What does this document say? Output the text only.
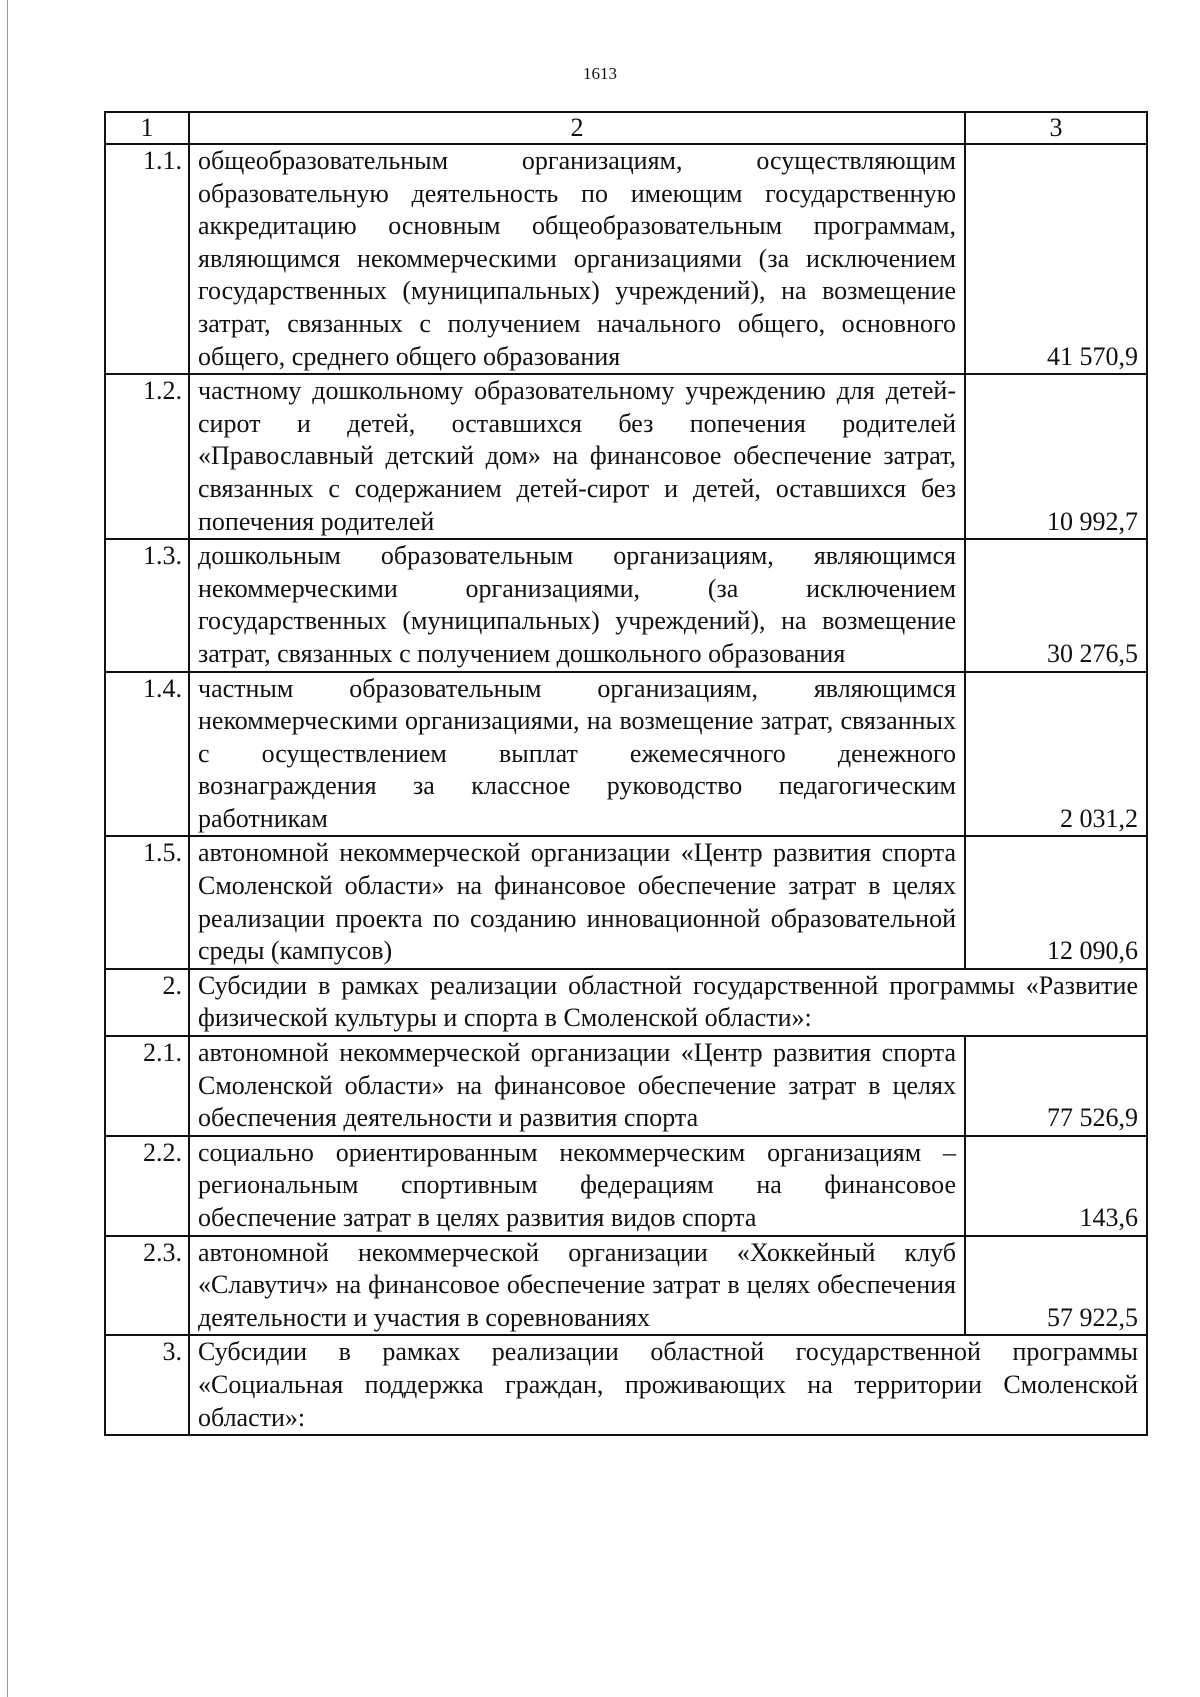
1613
1	2	3
1.1.	общеобразовательным организациям, осуществляющим образовательную деятельность по имеющим государственную аккредитацию основным общеобразовательным программам, являющимся некоммерческими организациями (за исключением государственных (муниципальных) учреждений), на возмещение затрат, связанных с получением начального общего, основного общего, среднего общего образования	41 570,9
1.2.	частному дошкольному образовательному учреждению для детей-сирот и детей, оставшихся без попечения родителей «Православный детский дом» на финансовое обеспечение затрат, связанных с содержанием детей-сирот и детей, оставшихся без попечения родителей	10 992,7
1.3.	дошкольным образовательным организациям, являющимся некоммерческими организациями, (за исключением государственных (муниципальных) учреждений), на возмещение затрат, связанных с получением дошкольного образования	30 276,5
1.4.	частным образовательным организациям, являющимся некоммерческими организациями, на возмещение затрат, связанных с осуществлением выплат ежемесячного денежного вознаграждения за классное руководство педагогическим работникам	2 031,2
1.5.	автономной некоммерческой организации «Центр развития спорта Смоленской области» на финансовое обеспечение затрат в целях реализации проекта по созданию инновационной образовательной среды (кампусов)	12 090,6
2.	Субсидии в рамках реализации областной государственной программы «Развитие физической культуры и спорта в Смоленской области»:	
2.1.	автономной некоммерческой организации «Центр развития спорта Смоленской области» на финансовое обеспечение затрат в целях обеспечения деятельности и развития спорта	77 526,9
2.2.	социально ориентированным некоммерческим организациям – региональным спортивным федерациям на финансовое обеспечение затрат в целях развития видов спорта	143,6
2.3.	автономной некоммерческой организации «Хоккейный клуб «Славутич» на финансовое обеспечение затрат в целях обеспечения деятельности и участия в соревнованиях	57 922,5
3.	Субсидии в рамках реализации областной государственной программы «Социальная поддержка граждан, проживающих на территории Смоленской области»:	
